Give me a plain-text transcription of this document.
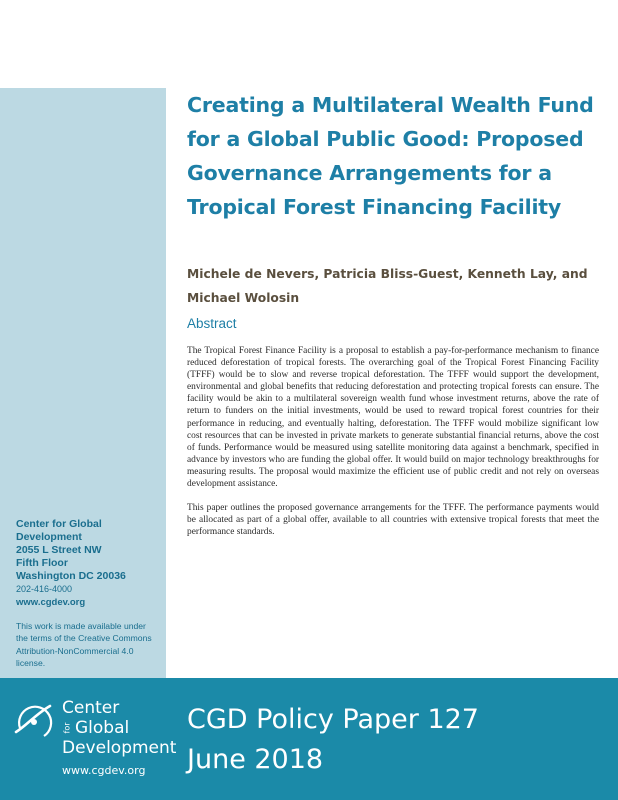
Creating a Multilateral Wealth Fund for a Global Public Good: Proposed Governance Arrangements for a Tropical Forest Financing Facility

Michele de Nevers, Patricia Bliss-Guest, Kenneth Lay, and Michael Wolosin

Abstract

The Tropical Forest Finance Facility is a proposal to establish a pay-for-performance mechanism to finance reduced deforestation of tropical forests. The overarching goal of the Tropical Forest Financing Facility (TFFF) would be to slow and reverse tropical deforestation. The TFFF would support the development, environmental and global benefits that reducing deforestation and protecting tropical forests can ensure. The facility would be akin to a multilateral sovereign wealth fund whose investment returns, above the rate of return to funders on the initial investments, would be used to reward tropical forest countries for their performance in reducing, and eventually halting, deforestation. The TFFF would mobilize significant low cost resources that can be invested in private markets to generate substantial financial returns, above the cost of funds. Performance would be measured using satellite monitoring data against a benchmark, specified in advance by investors who are funding the global offer. It would build on major technology breakthroughs for measuring results. The proposal would maximize the efficient use of public credit and not rely on overseas development assistance.

This paper outlines the proposed governance arrangements for the TFFF. The performance payments would be allocated as part of a global offer, available to all countries with extensive tropical forests that meet the performance standards.

Center for Global Development
2055 L Street NW
Fifth Floor
Washington DC 20036
202-416-4000
www.cgdev.org
This work is made available under the terms of the Creative Commons Attribution-NonCommercial 4.0 license.
Center
for Global
Development
www.cgdev.org
CGD Policy Paper 127
June 2018
